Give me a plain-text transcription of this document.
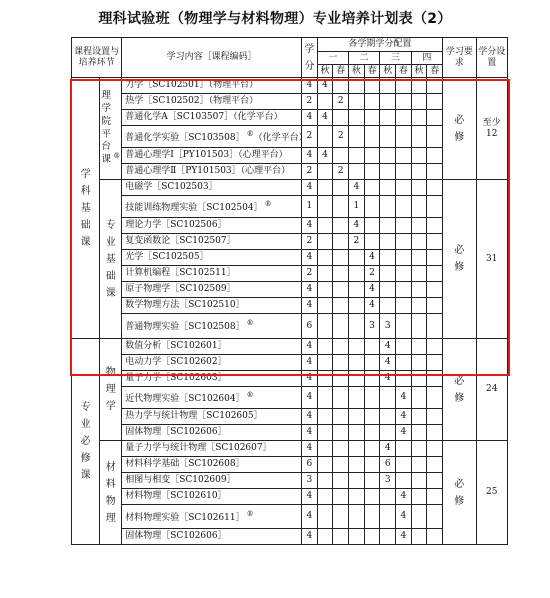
理科试验班（物理学与材料物理）专业培养计划表（2）
课程设置与培养环节		学习内容［课程编码］	学分	各学期学分配置								学习要求	学分设置
				一		二		三		四			
				秋	春	秋	春	秋	春	秋	春		
学科基础课	理学院平台课 ®	力学［SC102501］（物理平台）	4	4								必修	至少 12
		热学［SC102502］（物理平台）	2		2								
		普通化学A［SC103507］（化学平台）	4	4									
		普通化学实验［SC103508］ ®（化学平台）	2		2								
		普通心理学Ⅰ［PY101503］（心理平台）	4	4									
		普通心理学Ⅱ［PY101503］（心理平台）	2		2								
	专业基础课	电磁学［SC102503］	4			4						必修	31
		技能训练物理实验［SC102504］ ®	1			1							
		理论力学［SC102506］	4			4							
		复变函数论［SC102507］	2			2							
		光学［SC102505］	4				4						
		计算机编程［SC102511］	2				2						
		原子物理学［SC102509］	4				4						
		数学物理方法［SC102510］	4				4						
		普通物理实验［SC102508］ ®	6				3	3					
专业必修课	物理学	数值分析［SC102601］	4					4				必修	24
		电动力学［SC102602］	4					4					
		量子力学［SC102603］	4					4					
		近代物理实验［SC102604］ ®	4						4				
		热力学与统计物理［SC102605］	4						4				
		固体物理［SC102606］	4						4				
	材料物理	量子力学与统计物理［SC102607］	4					4				必修	25
		材料科学基础［SC102608］	6					6					
		相图与相变［SC102609］	3					3					
		材料物理［SC102610］	4						4				
		材料物理实验［SC102611］ ®	4						4				
		固体物理［SC102606］	4						4				
